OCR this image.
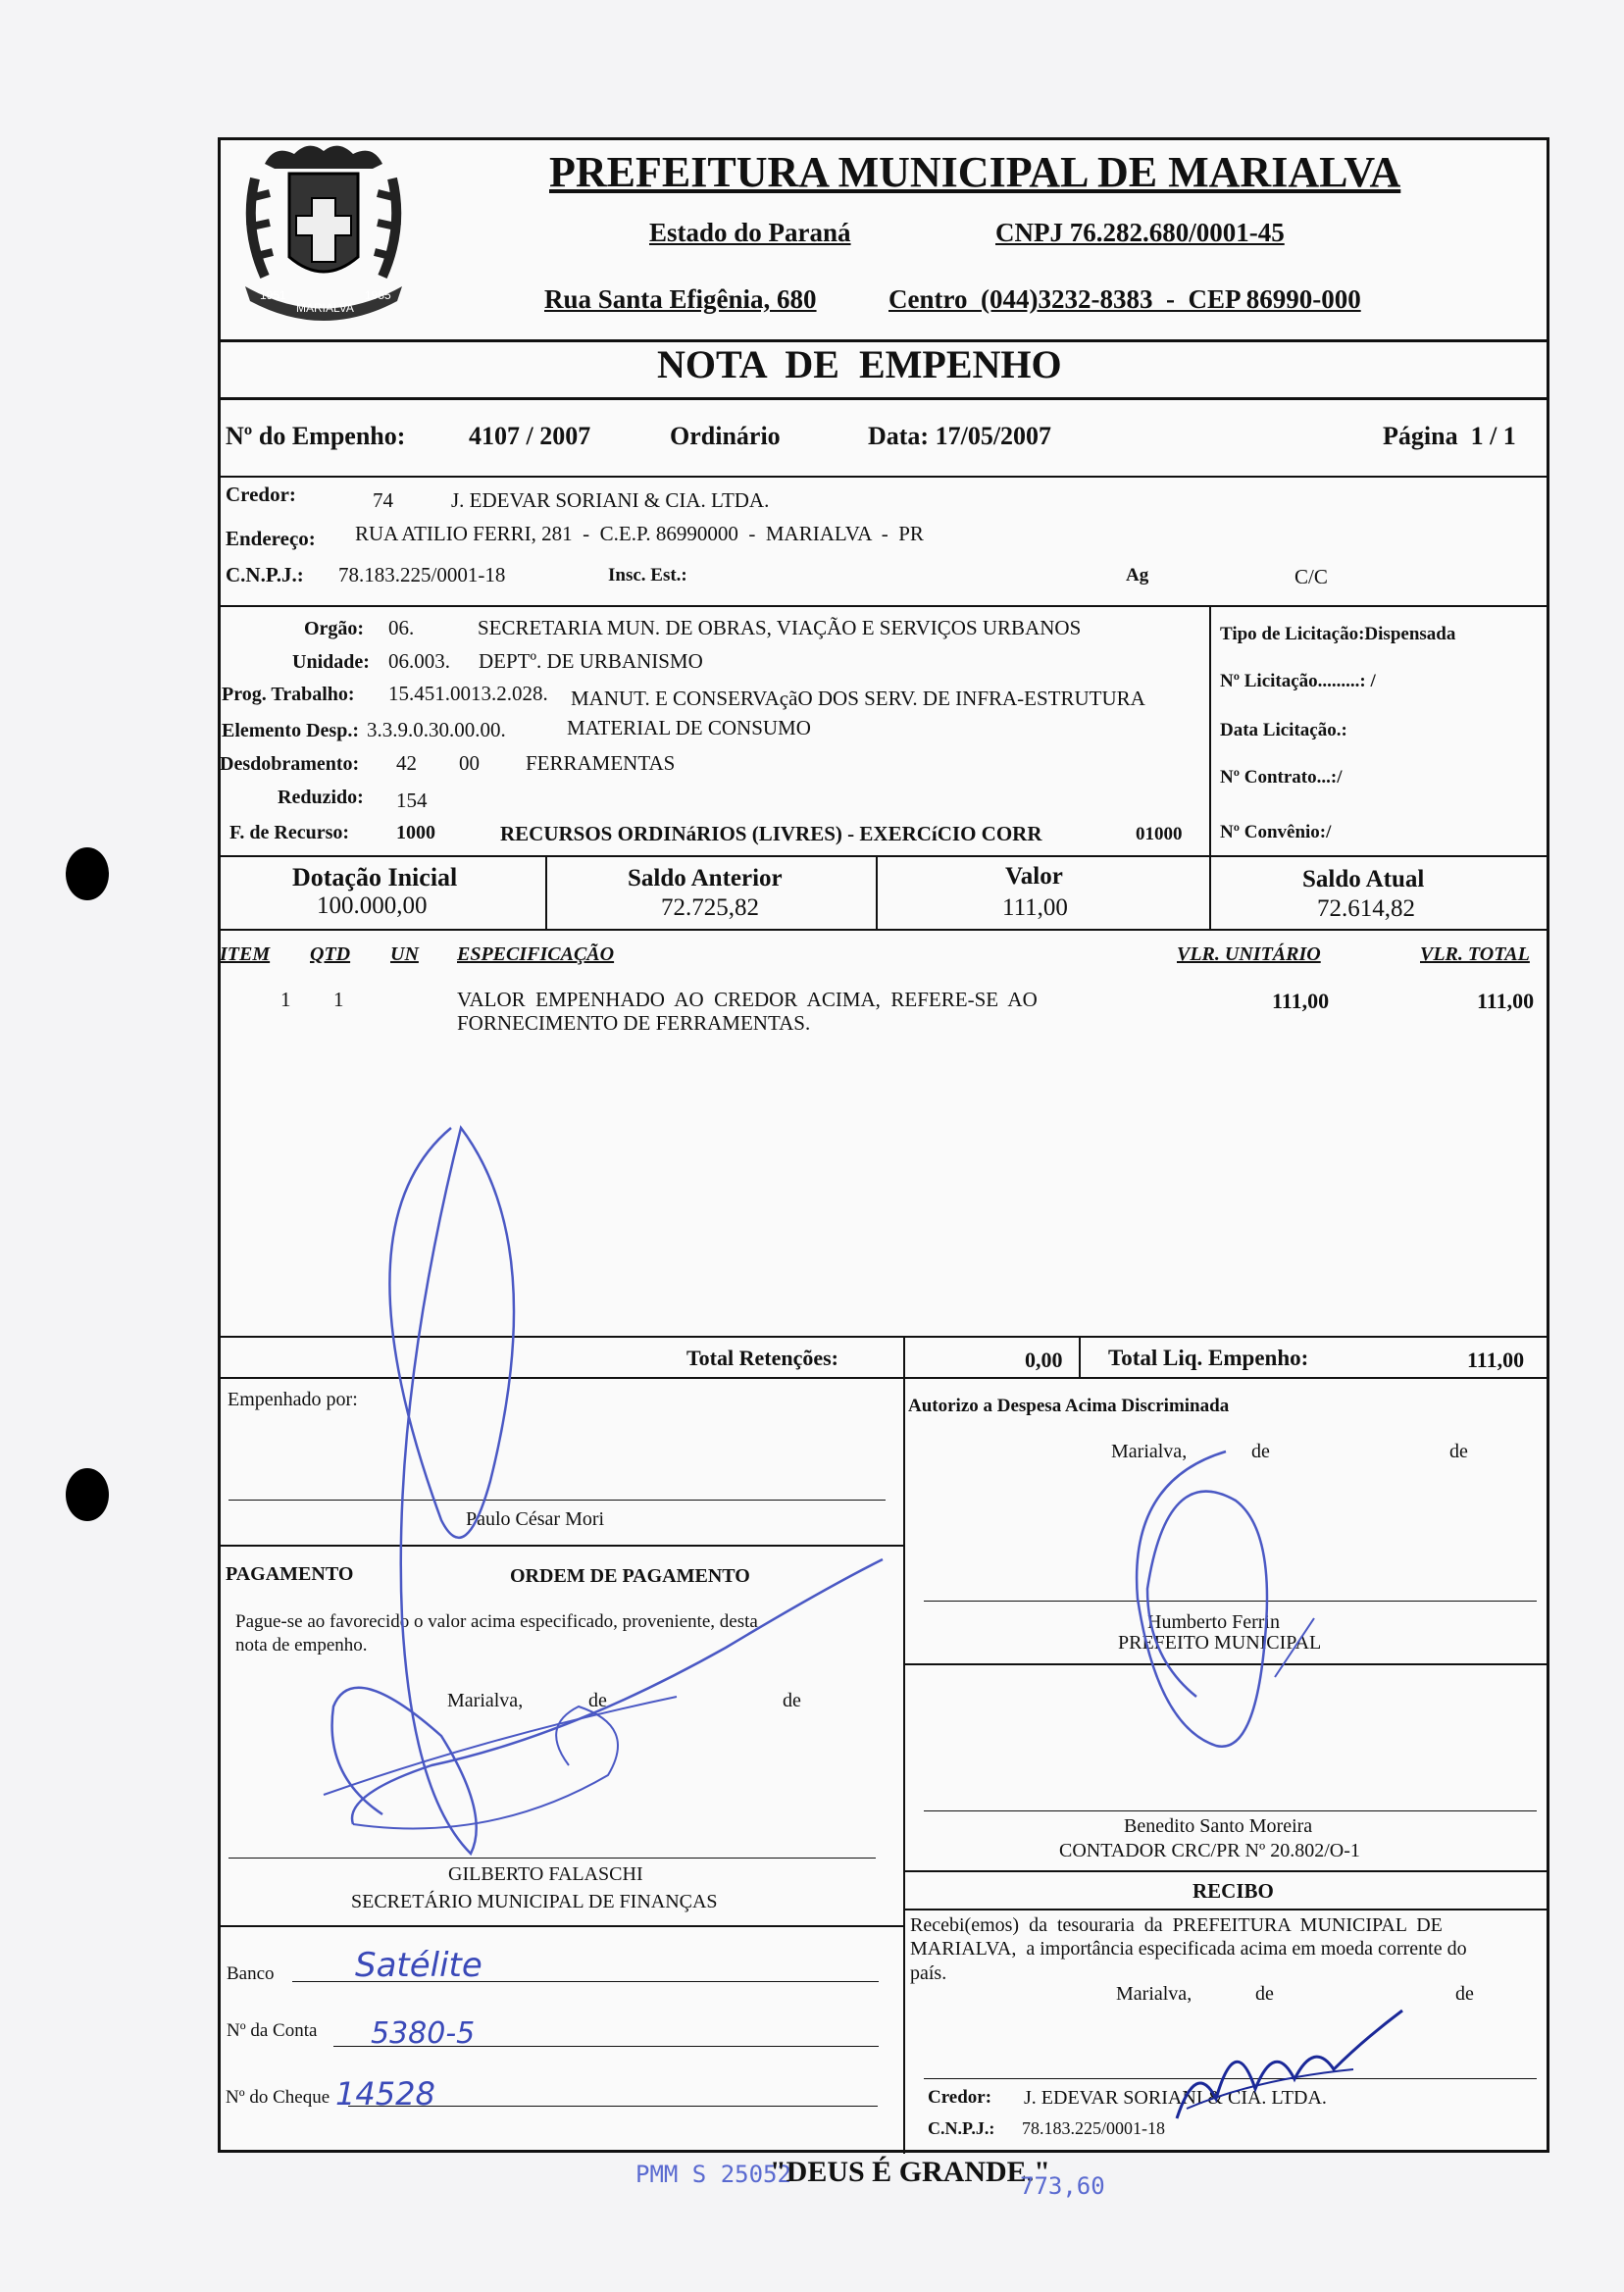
1951
MARIALVA
1955
PREFEITURA MUNICIPAL DE MARIALVA
Estado do Paraná	CNPJ 76.282.680/0001-45
Rua Santa Efigênia, 680	Centro  (044)3232-8383  -  CEP 86990-000
NOTA  DE  EMPENHO
Nº do Empenho: 4107 / 2007	Ordinário	Data: 17/05/2007	Página  1 / 1
Credor:	74	J. EDEVAR SORIANI & CIA. LTDA.
Endereço: RUA ATILIO FERRI, 281  -  C.E.P. 86990000  -  MARIALVA  -  PR
C.N.P.J.: 78.183.225/0001-18	Insc. Est.:	Ag	C/C
Orgão: 06.	SECRETARIA MUN. DE OBRAS, VIAÇÃO E SERVIÇOS URBANOS
Unidade: 06.003. DEPTº. DE URBANISMO
Prog. Trabalho: 15.451.0013.2.028. MANUT. E CONSERVAçãO DOS SERV. DE INFRA-ESTRUTURA
Elemento Desp.: 3.3.9.0.30.00.00.	MATERIAL DE CONSUMO
Desdobramento: 42 00 FERRAMENTAS
Reduzido: 154
F. de Recurso: 1000	RECURSOS ORDINáRIOS (LIVRES) - EXERCíCIO CORR	01000
Tipo de Licitação:Dispensada
Nº Licitação.........: /
Data Licitação.:
Nº Contrato...:/
Nº Convênio:/
Dotação Inicial
100.000,00
Saldo Anterior
72.725,82
Valor
111,00
Saldo Atual
72.614,82
ITEM QTD UN ESPECIFICAÇÃO	VLR. UNITÁRIO	VLR. TOTAL
1 1	VALOR  EMPENHADO  AO  CREDOR  ACIMA,  REFERE-SE  AO
FORNECIMENTO DE FERRAMENTAS.
111,00	111,00
Total Retenções:	0,00 Total Liq. Empenho:	111,00
Empenhado por:
Paulo César Mori
Autorizo a Despesa Acima Discriminada
Marialva,	de	de
Humberto Ferrin
PREFEITO MUNICIPAL
PAGAMENTO	ORDEM DE PAGAMENTO
Pague-se ao favorecido o valor acima especificado, proveniente, desta
nota de empenho.
Marialva,	de	de
GILBERTO FALASCHI
SECRETÁRIO MUNICIPAL DE FINANÇAS
Benedito Santo Moreira
CONTADOR CRC/PR Nº 20.802/O-1
RECIBO
Recebi(emos)  da  tesouraria  da  PREFEITURA  MUNICIPAL  DE
MARIALVA,  a importância especificada acima em moeda corrente do
país.
Marialva,	de	de
Credor: J. EDEVAR SORIANI & CIA. LTDA.
C.N.P.J.: 78.183.225/0001-18
Banco Satélite
Nº da Conta 5380-5
Nº do Cheque 14528
PMM S 25052
"DEUS É GRANDE."
773,60
